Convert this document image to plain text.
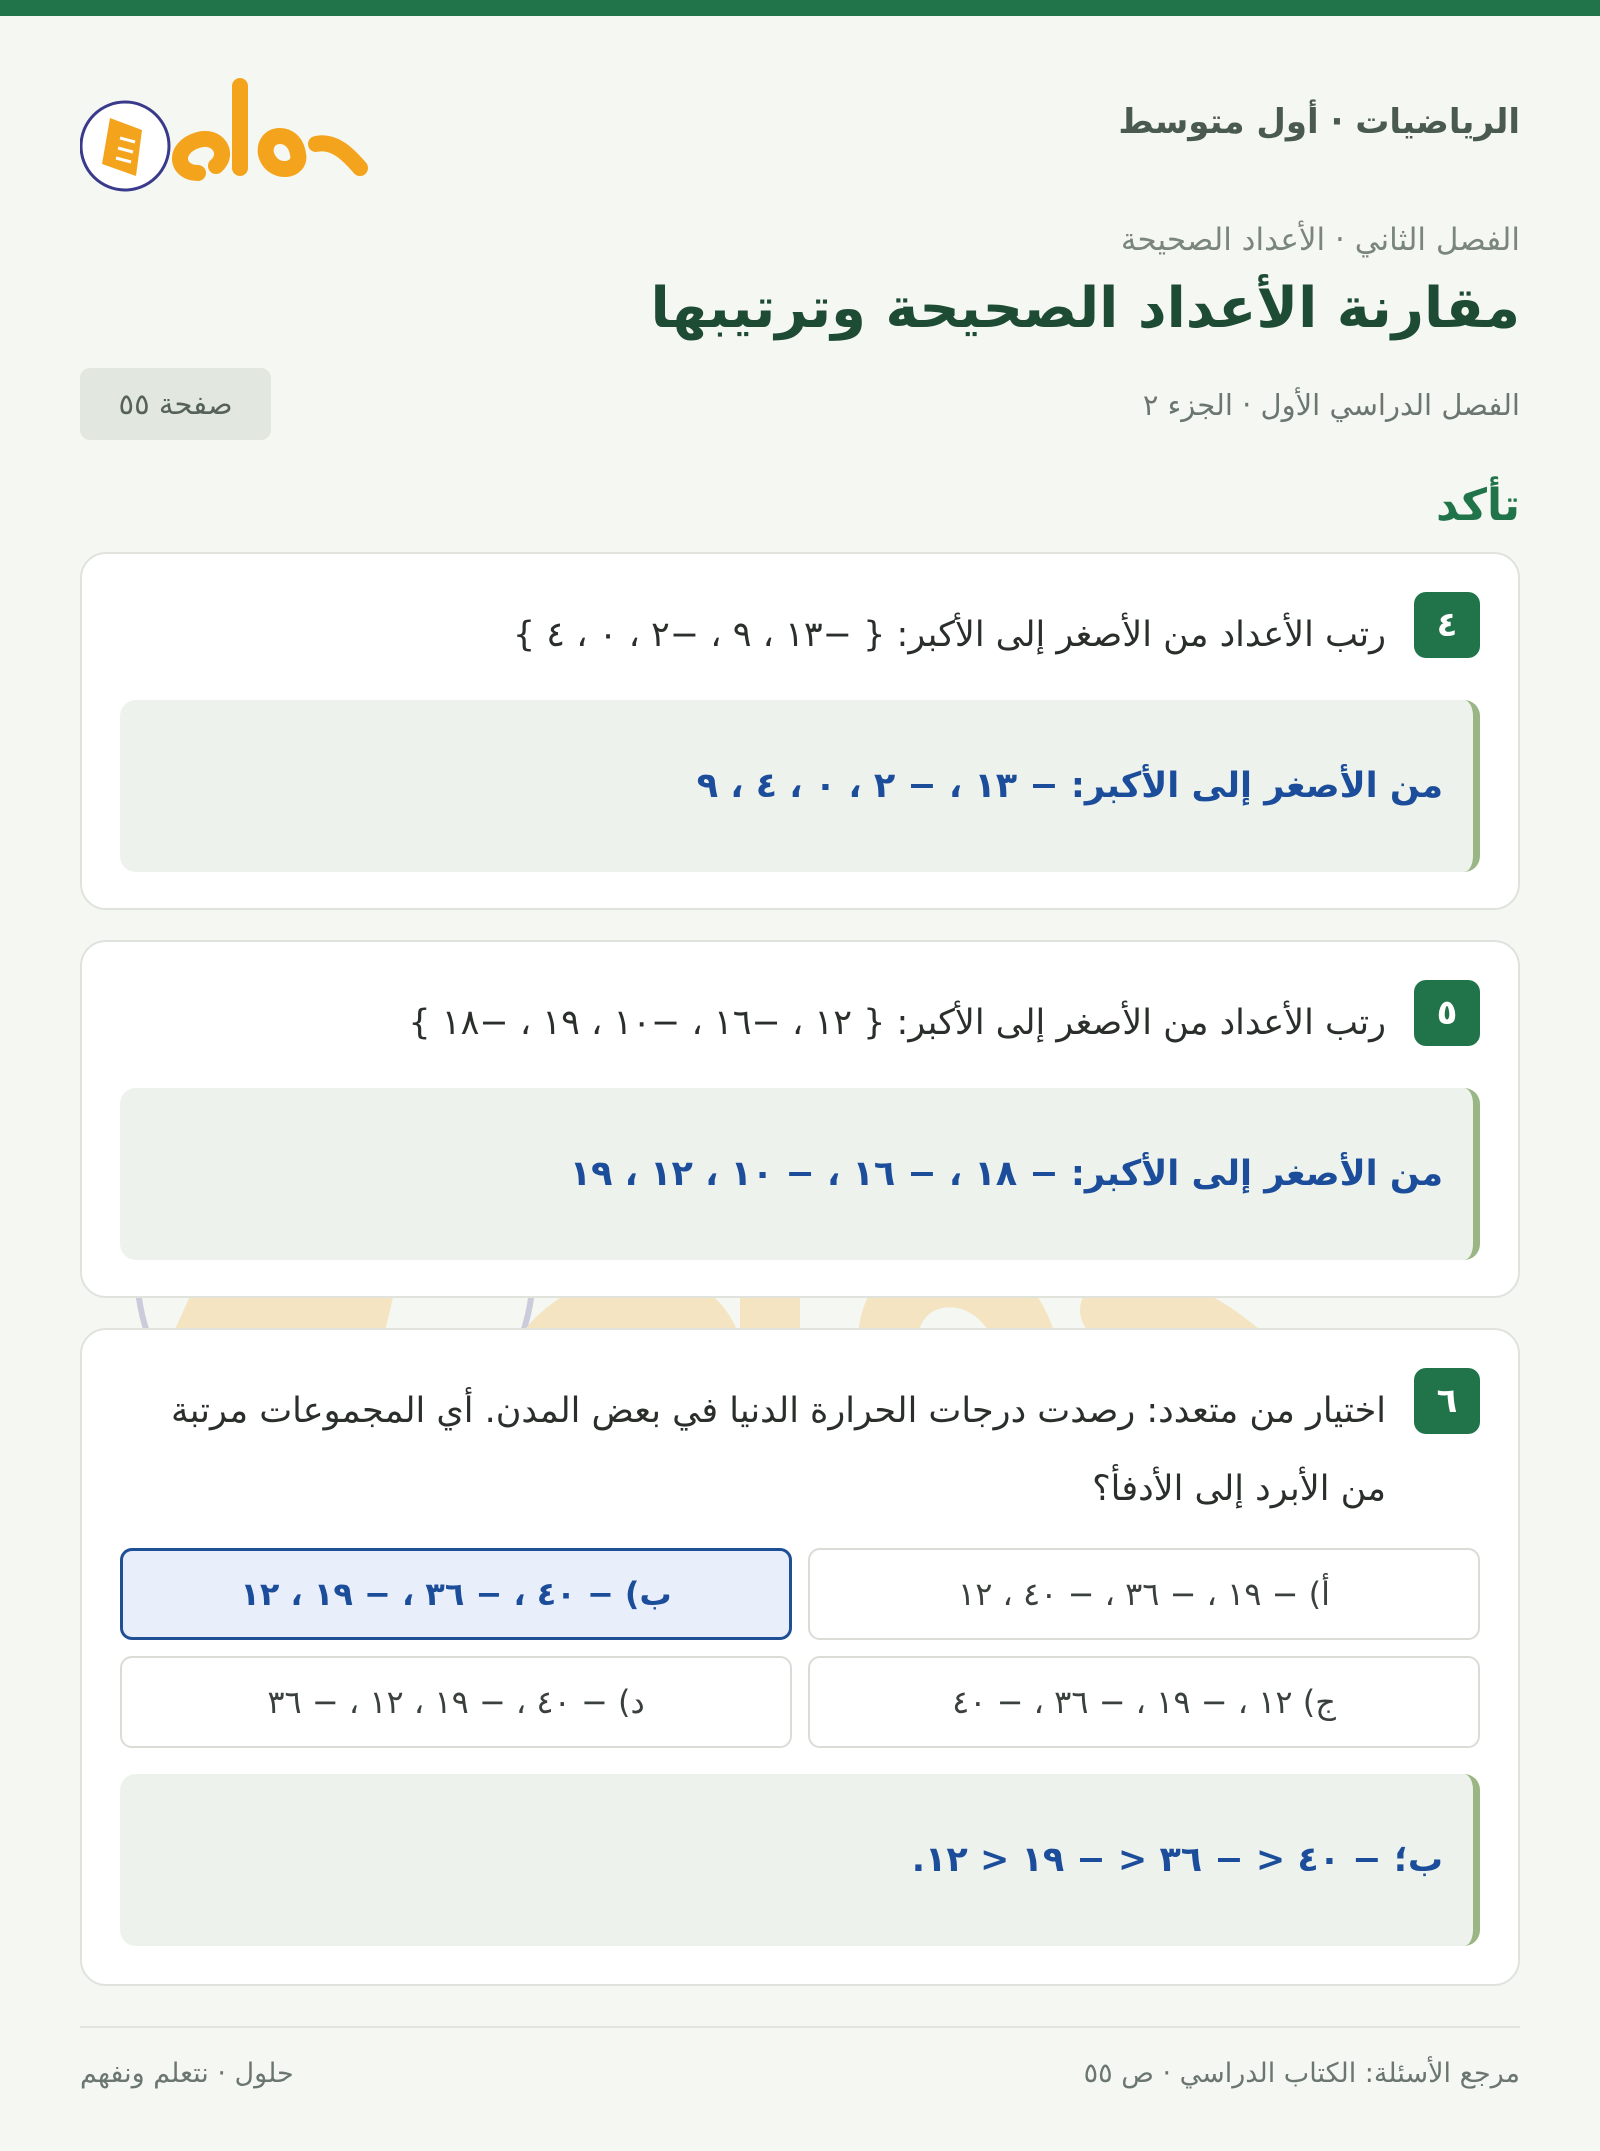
الرياضيات · أول متوسط
الفصل الثاني · الأعداد الصحيحة
مقارنة الأعداد الصحيحة وترتيبها
الفصل الدراسي الأول · الجزء ٢
صفحة ٥٥
تأكد
٤
رتب الأعداد من الأصغر إلى الأكبر: { −١٣ ، ٩ ، −٢ ، ٠ ، ٤ }
من الأصغر إلى الأكبر: − ١٣ ، − ٢ ، ٠ ، ٤ ، ٩
٥
رتب الأعداد من الأصغر إلى الأكبر: { ١٢ ، −١٦ ، −١٠ ، ١٩ ، −١٨ }
من الأصغر إلى الأكبر: − ١٨ ، − ١٦ ، − ١٠ ، ١٢ ، ١٩
٦
اختيار من متعدد: رصدت درجات الحرارة الدنيا في بعض المدن. أي المجموعات مرتبة من الأبرد إلى الأدفأ؟
أ) − ١٩ ، − ٣٦ ، − ٤٠ ، ١٢
ب) − ٤٠ ، − ٣٦ ، − ١٩ ، ١٢
ج) ١٢ ، − ١٩ ، − ٣٦ ، − ٤٠
د) − ٤٠ ، − ١٩ ، ١٢ ، − ٣٦
ب؛ − ٤٠ < − ٣٦ < − ١٩ < ١٢.
مرجع الأسئلة: الكتاب الدراسي · ص ٥٥
حلول · نتعلم ونفهم
